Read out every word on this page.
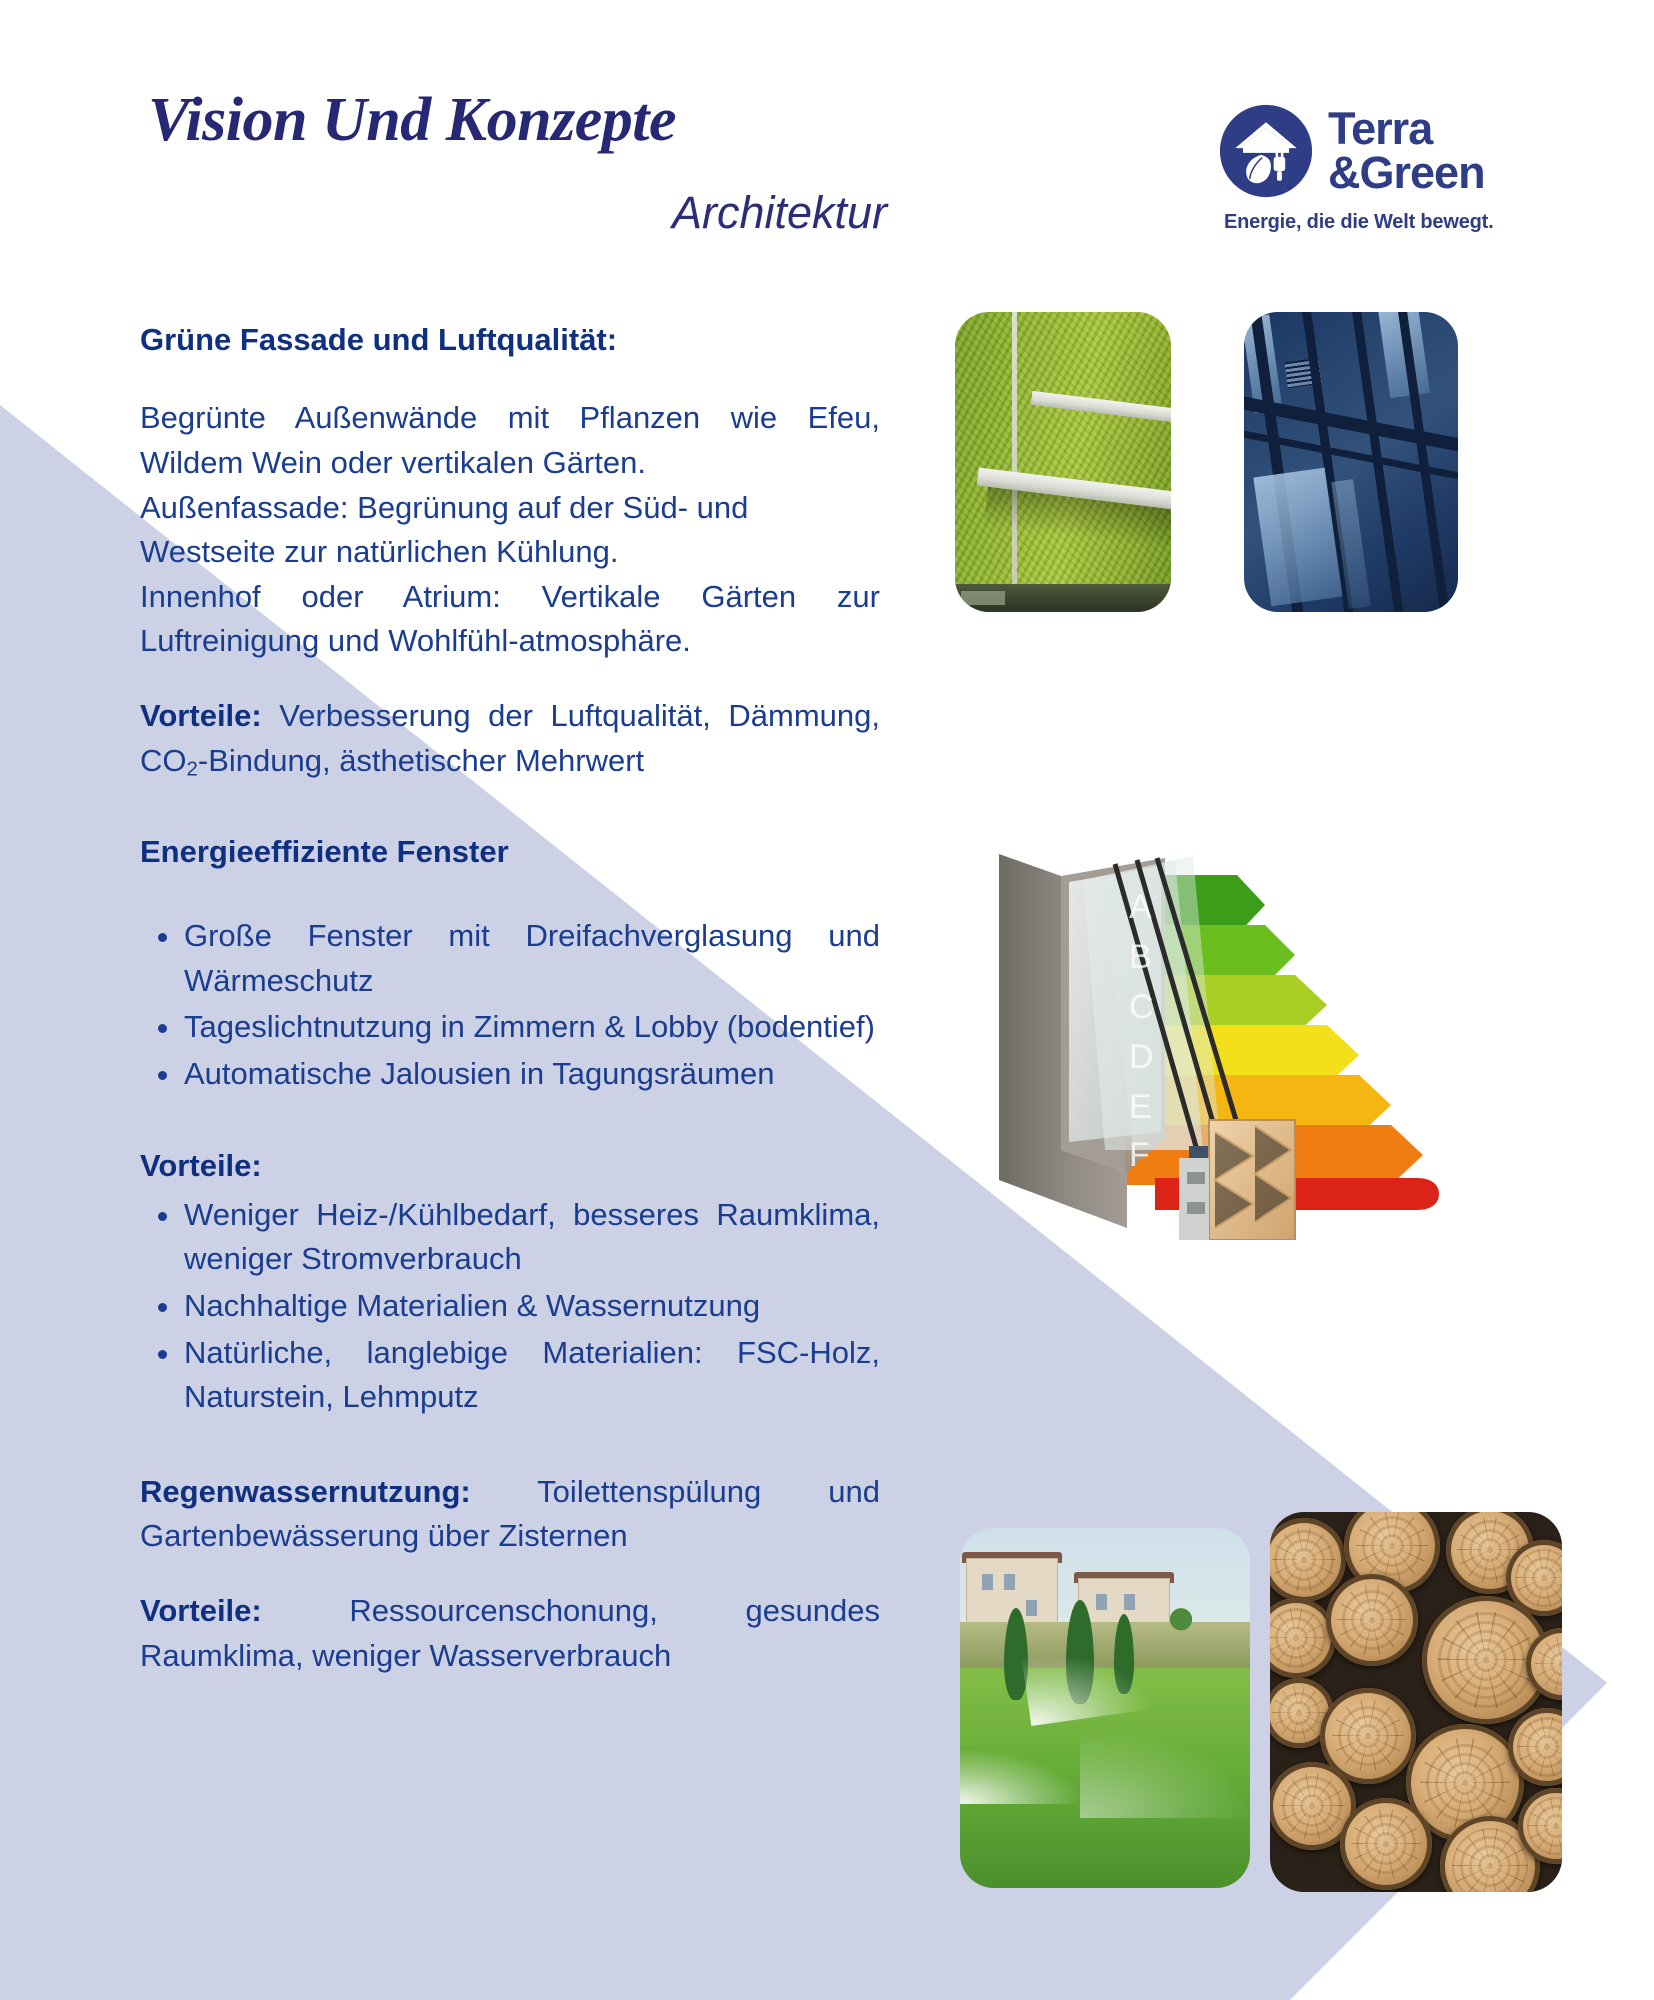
Vision Und Konzepte
Architektur
Terra
&Green
Energie, die die Welt bewegt.
A
B
C
D
E
F
Grüne Fassade und Luftqualität:
Begrünte Außenwände mit Pflanzen wie Efeu, Wildem Wein oder vertikalen Gärten.
Außenfassade: Begrünung auf der Süd- und Westseite zur natürlichen Kühlung.
Innenhof oder Atrium: Vertikale Gärten zur Luftreinigung und Wohlfühl-atmosphäre.
Vorteile: Verbesserung der Luftqualität, Dämmung, $CO_2$-Bindung, ästhetischer Mehrwert
Energieeffiziente Fenster
Große Fenster mit Dreifachverglasung und Wärmeschutz
Tageslichtnutzung in Zimmern & Lobby (bodentief)
Automatische Jalousien in Tagungsräumen
Vorteile:
Weniger Heiz-/Kühlbedarf, besseres Raumklima, weniger Stromverbrauch
Nachhaltige Materialien & Wassernutzung
Natürliche, langlebige Materialien: FSC-Holz, Naturstein, Lehmputz
Regenwassernutzung: Toilettenspülung und Gartenbewässerung über Zisternen
Vorteile: Ressourcenschonung, gesundes Raumklima, weniger Wasserverbrauch
